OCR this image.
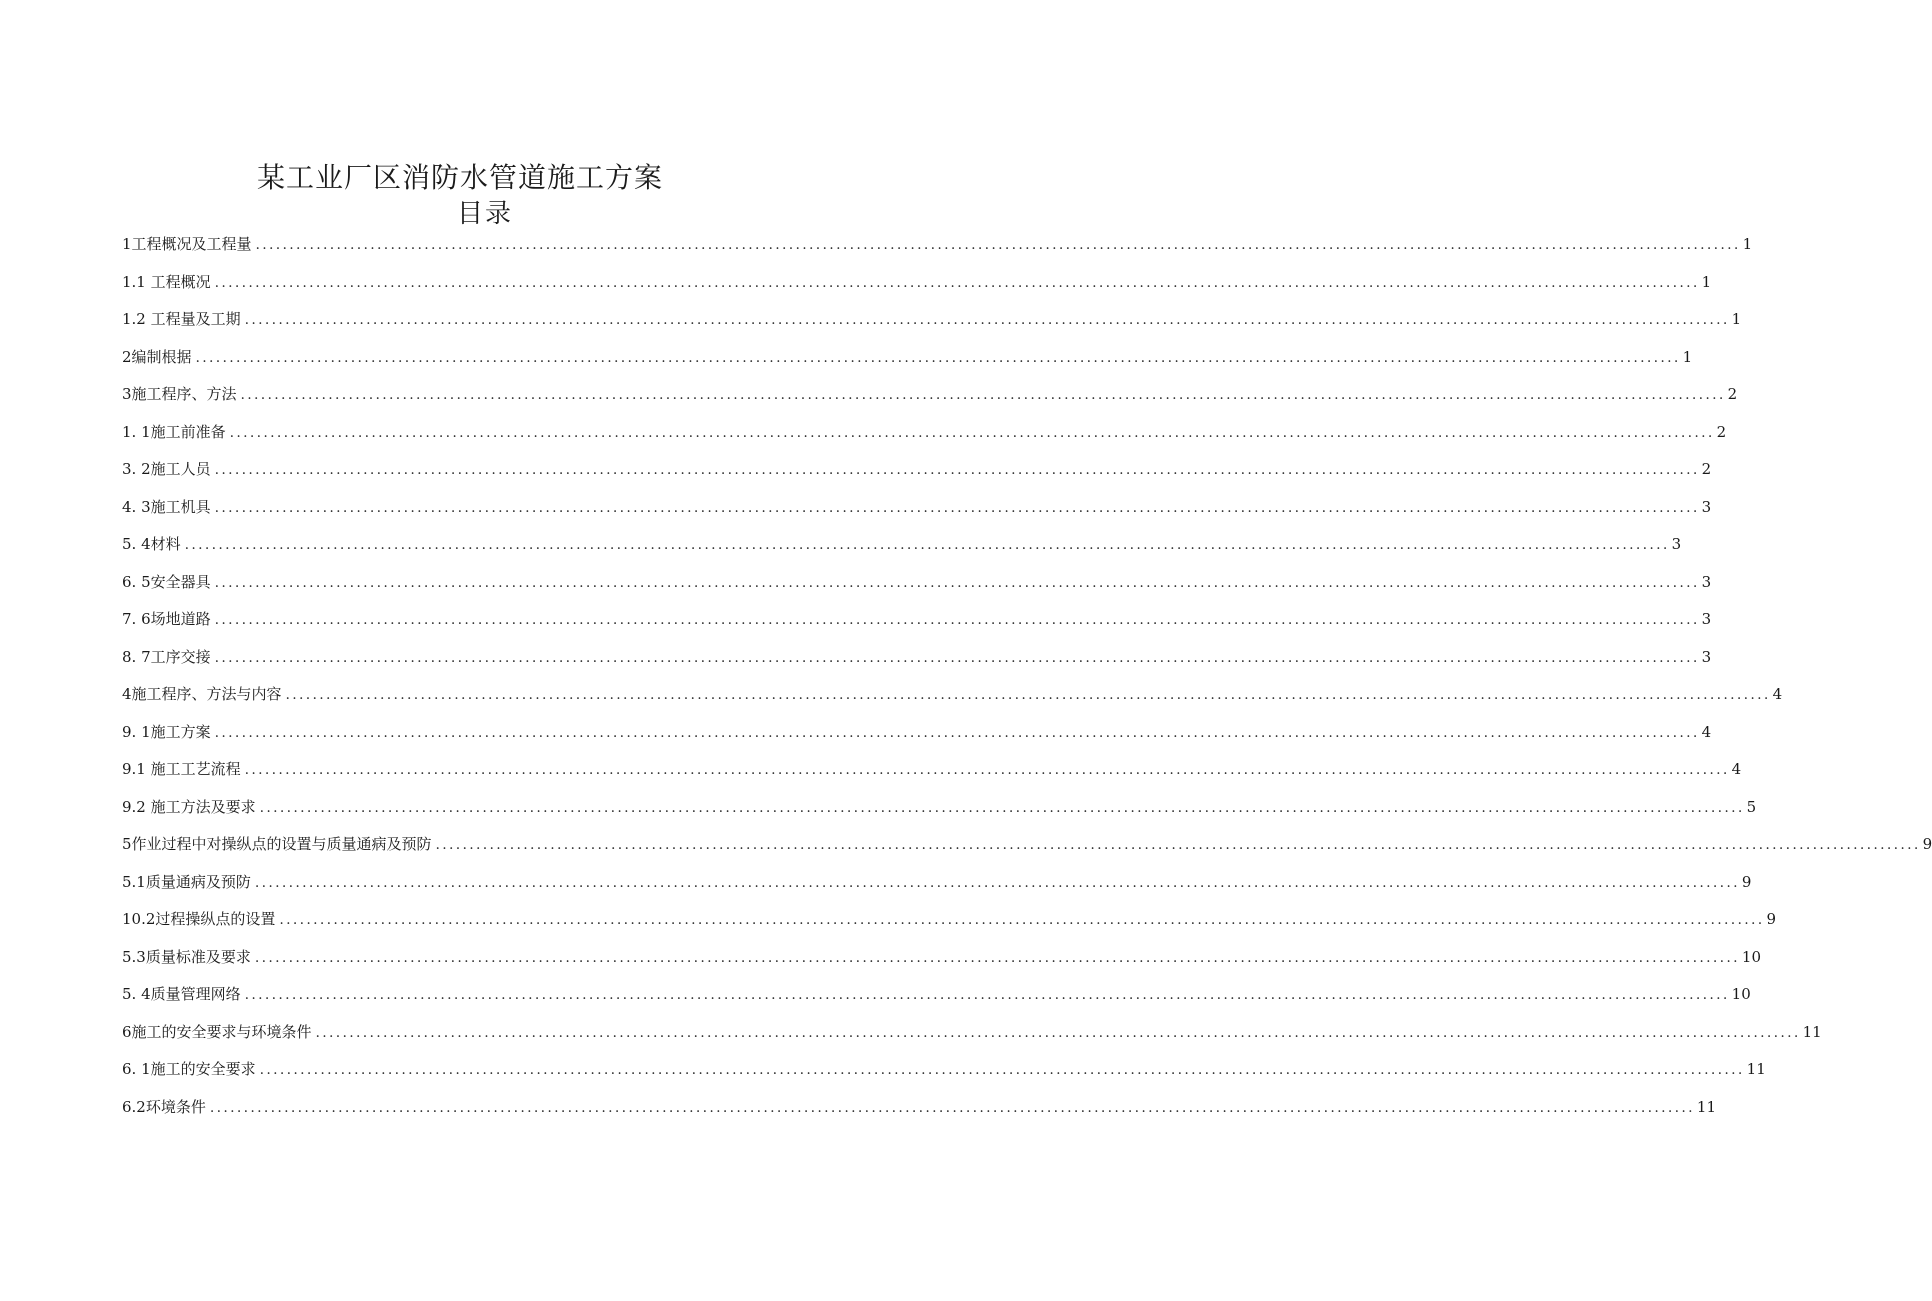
某工业厂区消防水管道施工方案
目录
1工程概况及工程量 ............................................................................................................................................................................................................................ 1
1.1 工程概况 ............................................................................................................................................................................................................................ 1
1.2 工程量及工期 ............................................................................................................................................................................................................................ 1
2编制根据 ............................................................................................................................................................................................................................ 1
3施工程序、方法 ............................................................................................................................................................................................................................ 2
1. 1施工前准备 ............................................................................................................................................................................................................................ 2
3. 2施工人员 ............................................................................................................................................................................................................................ 2
4. 3施工机具 ............................................................................................................................................................................................................................ 3
5. 4材料 ............................................................................................................................................................................................................................ 3
6. 5安全器具 ............................................................................................................................................................................................................................ 3
7. 6场地道路 ............................................................................................................................................................................................................................ 3
8. 7工序交接 ............................................................................................................................................................................................................................ 3
4施工程序、方法与内容 ............................................................................................................................................................................................................................ 4
9. 1施工方案 ............................................................................................................................................................................................................................ 4
9.1 施工工艺流程 ............................................................................................................................................................................................................................ 4
9.2 施工方法及要求 ............................................................................................................................................................................................................................ 5
5作业过程中对操纵点的设置与质量通病及预防 ............................................................................................................................................................................................................................ 9
5.1质量通病及预防 ............................................................................................................................................................................................................................ 9
10.2过程操纵点的设置 ............................................................................................................................................................................................................................ 9
5.3质量标准及要求 ............................................................................................................................................................................................................................ 10
5. 4质量管理网络 ............................................................................................................................................................................................................................ 10
6施工的安全要求与环境条件 ............................................................................................................................................................................................................................ 11
6. 1施工的安全要求 ............................................................................................................................................................................................................................ 11
6.2环境条件 ............................................................................................................................................................................................................................ 11
